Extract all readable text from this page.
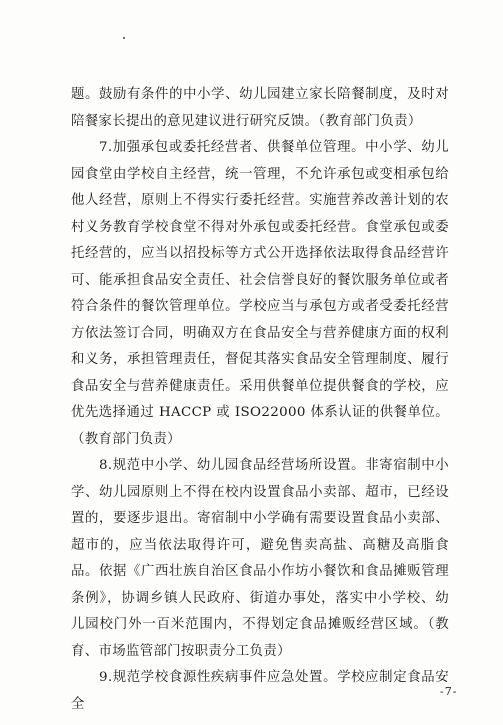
题。鼓励有条件的中小学、幼儿园建立家长陪餐制度，及时对陪餐家长提出的意见建议进行研究反馈。（教育部门负责）

7.加强承包或委托经营者、供餐单位管理。中小学、幼儿园食堂由学校自主经营，统一管理，不允许承包或变相承包给他人经营，原则上不得实行委托经营。实施营养改善计划的农村义务教育学校食堂不得对外承包或委托经营。食堂承包或委托经营的，应当以招投标等方式公开选择依法取得食品经营许可、能承担食品安全责任、社会信誉良好的餐饮服务单位或者符合条件的餐饮管理单位。学校应当与承包方或者受委托经营方依法签订合同，明确双方在食品安全与营养健康方面的权利和义务，承担管理责任，督促其落实食品安全管理制度、履行食品安全与营养健康责任。采用供餐单位提供餐食的学校，应优先选择通过 HACCP 或 ISO22000 体系认证的供餐单位。（教育部门负责）

8.规范中小学、幼儿园食品经营场所设置。非寄宿制中小学、幼儿园原则上不得在校内设置食品小卖部、超市，已经设置的，要逐步退出。寄宿制中小学确有需要设置食品小卖部、超市的，应当依法取得许可，避免售卖高盐、高糖及高脂食品。依据《广西壮族自治区食品小作坊小餐饮和食品摊贩管理条例》，协调乡镇人民政府、街道办事处，落实中小学校、幼儿园校门外一百米范围内，不得划定食品摊贩经营区域。（教育、市场监管部门按职责分工负责）

9.规范学校食源性疾病事件应急处置。学校应制定食品安全

-7-
